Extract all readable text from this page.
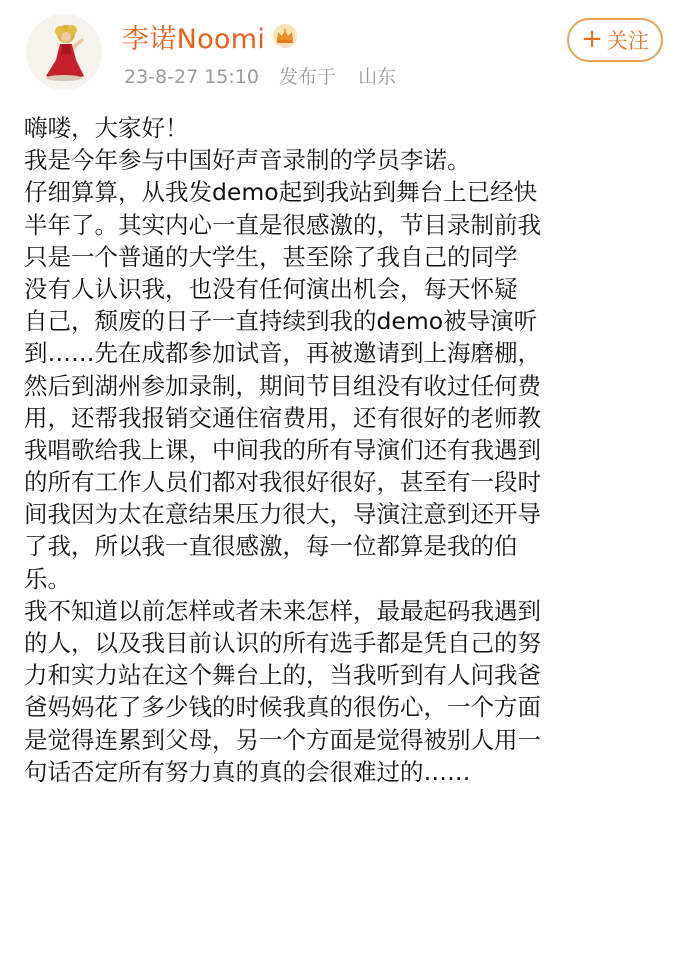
李诺Noomi
23-8-27 15:10 发布于 山东
+ 关注
嗨喽，大家好！
我是今年参与中国好声音录制的学员李诺。
仔细算算，从我发demo起到我站到舞台上已经快
半年了。其实内心一直是很感激的，节目录制前我
只是一个普通的大学生，甚至除了我自己的同学
没有人认识我，也没有任何演出机会，每天怀疑
自己，颓废的日子一直持续到我的demo被导演听
到……先在成都参加试音，再被邀请到上海磨棚，
然后到湖州参加录制，期间节目组没有收过任何费
用，还帮我报销交通住宿费用，还有很好的老师教
我唱歌给我上课，中间我的所有导演们还有我遇到
的所有工作人员们都对我很好很好，甚至有一段时
间我因为太在意结果压力很大，导演注意到还开导
了我，所以我一直很感激，每一位都算是我的伯
乐。
我不知道以前怎样或者未来怎样，最最起码我遇到
的人，以及我目前认识的所有选手都是凭自己的努
力和实力站在这个舞台上的，当我听到有人问我爸
爸妈妈花了多少钱的时候我真的很伤心，一个方面
是觉得连累到父母，另一个方面是觉得被别人用一
句话否定所有努力真的真的会很难过的……
